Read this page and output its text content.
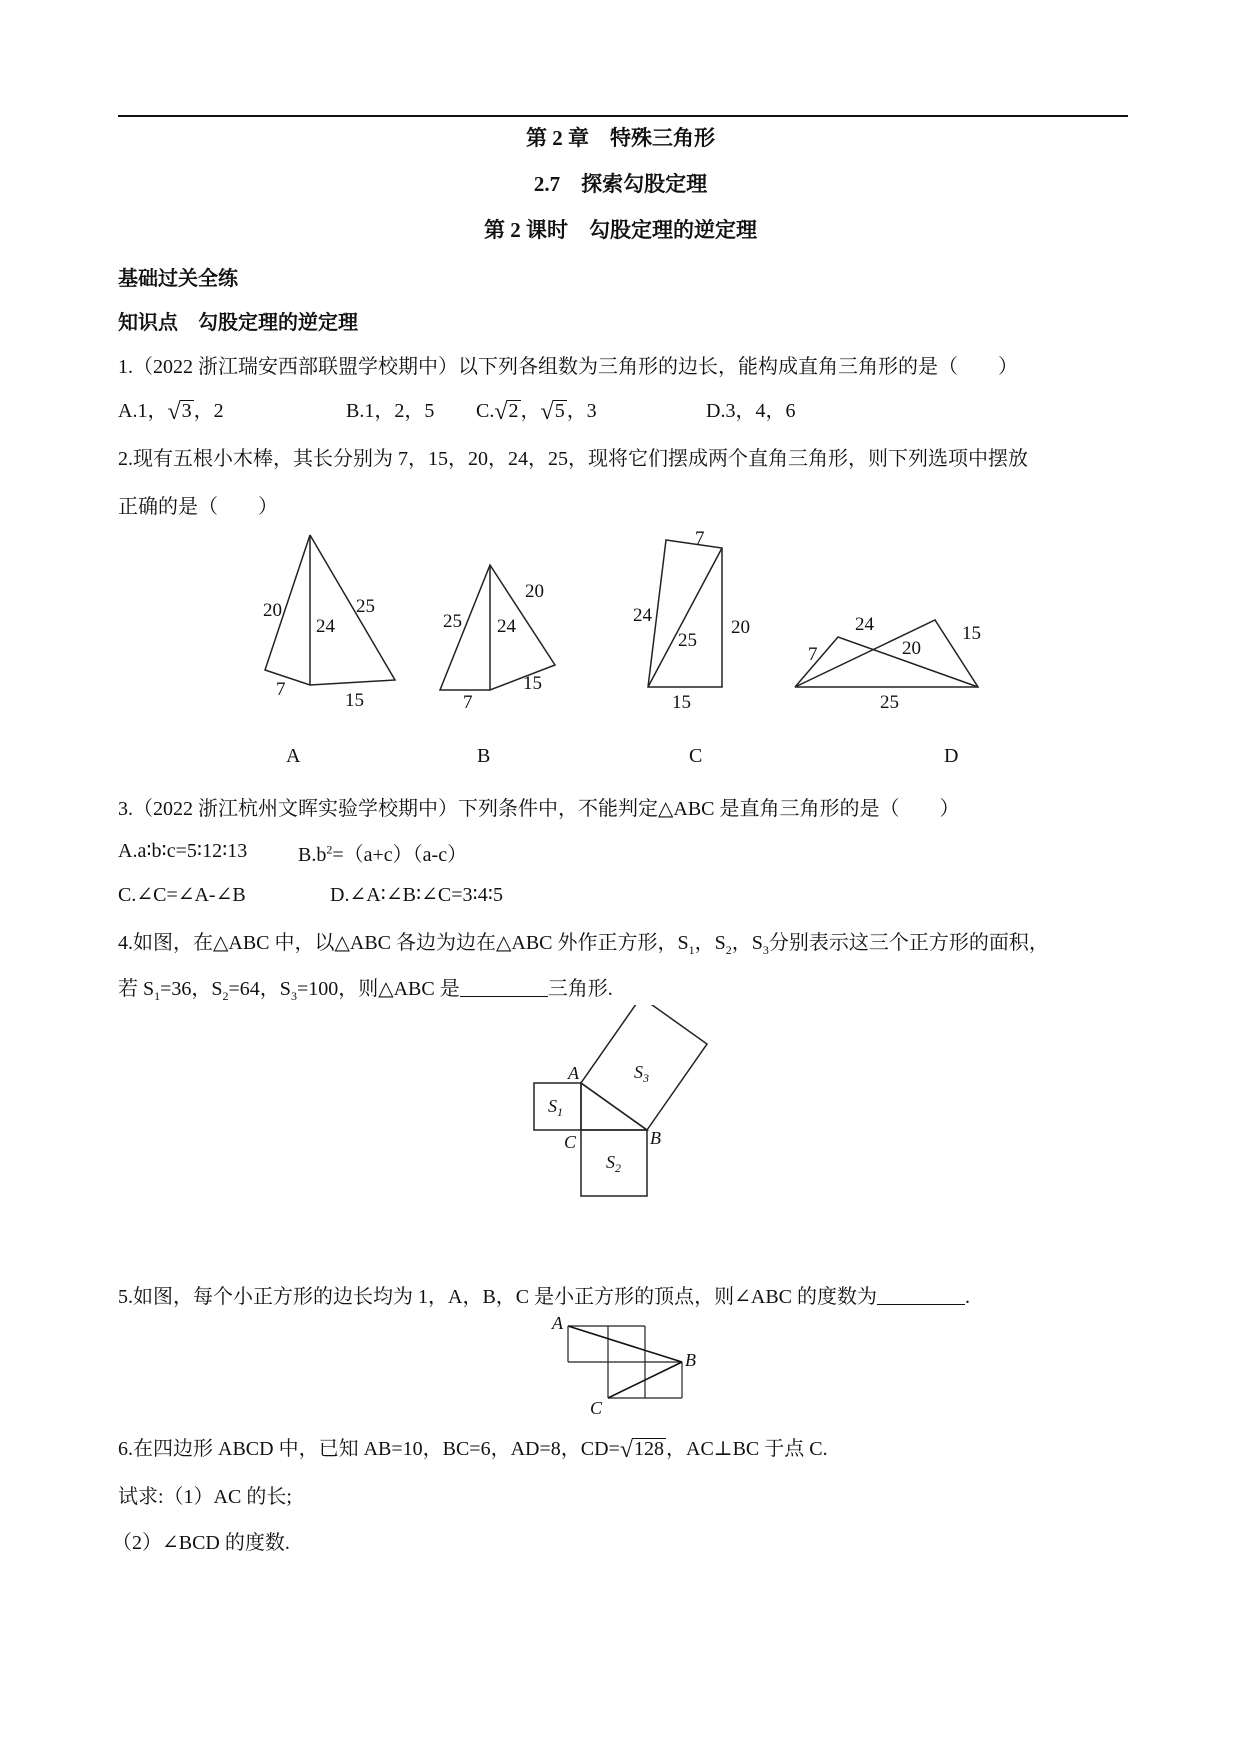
第 2 章　特殊三角形
2.7　探索勾股定理
第 2 课时　勾股定理的逆定理
基础过关全练
知识点　勾股定理的逆定理
1.（2022 浙江瑞安西部联盟学校期中）以下列各组数为三角形的边长，能构成直角三角形的是（　　）
A.1，√3 ，2	B.1，2，5 C.√2 ，√5 ，3	D.3，4，6
2.现有五根小木棒，其长分别为 7，15，20，24，25，现将它们摆成两个直角三角形，则下列选项中摆放
正确的是（　　）
20	25
24
7
15
25
20
24
7
15
7
24
25
20
15
7
24
20
15
25
A	B	C	D
3.（2022 浙江杭州文晖实验学校期中）下列条件中，不能判定△ABC 是直角三角形的是（　　）
A.a∶b∶c=5∶12∶13	$B.b^2=(a+c)(a-c)$
C.∠C=∠A-∠B	D.∠A∶∠B∶∠C=3∶4∶5
4.如图，在△ABC 中，以△ABC 各边为边在△ABC 外作正方形，$S_1$，$S_2$，$S_3$分别表示这三个正方形的面积，
若 $S_1=36$，$S_2=64$，$S_3=100$，则△ABC 是	三角形.
A
B
C
$S_1$
$S_2$
$S_3$
5.如图，每个小正方形的边长均为 1，A，B，C 是小正方形的顶点，则∠ABC 的度数为	.
A
B
C
6.在四边形 ABCD 中，已知 AB=10，BC=6，AD=8，CD=√128 ，AC⊥BC 于点 C.
试求:（1）AC 的长;
（2）∠BCD 的度数.
